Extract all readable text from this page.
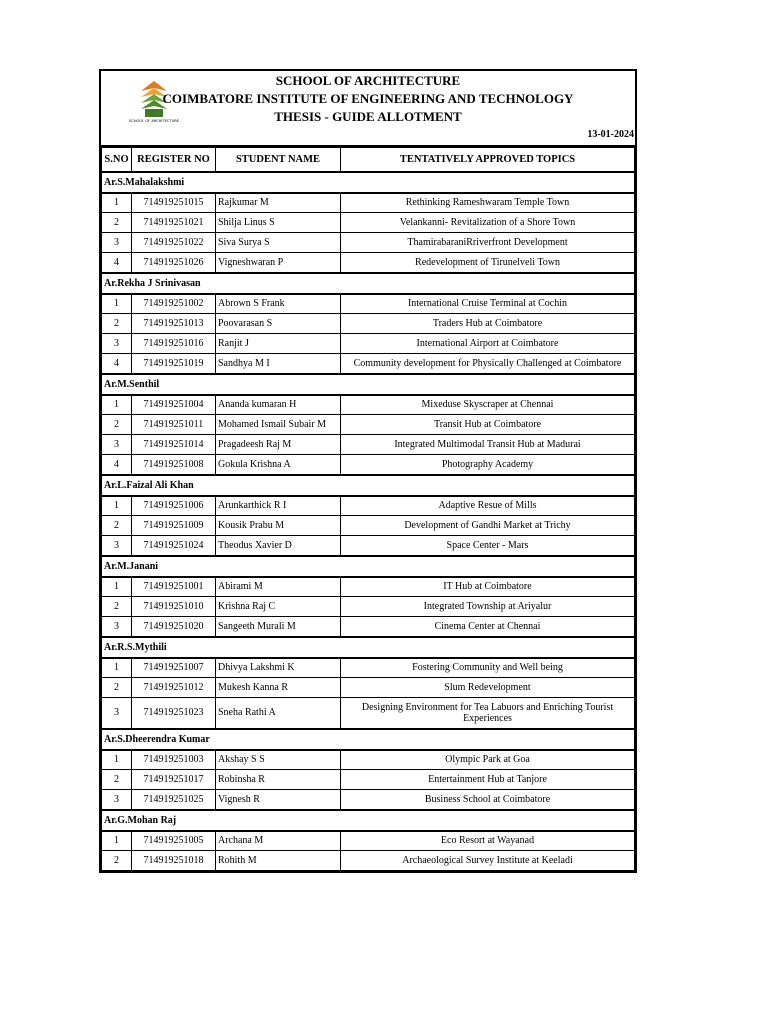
SCHOOL OF ARCHITECTURE
SCHOOL OF ARCHITECTURE
COIMBATORE INSTITUTE OF ENGINEERING AND TECHNOLOGY
THESIS - GUIDE ALLOTMENT
13-01-2024
S.NO	REGISTER NO	STUDENT NAME	TENTATIVELY APPROVED TOPICS
Ar.S.Mahalakshmi			
1	714919251015	Rajkumar M	Rethinking Rameshwaram Temple Town
2	714919251021	Shilja Linus S	Velankanni- Revitalization of a Shore Town
3	714919251022	Siva Surya S	ThamirabaraniRriverfront Development
4	714919251026	Vigneshwaran P	Redevelopment of Tirunelveli Town
Ar.Rekha J Srinivasan			
1	714919251002	Abrown S Frank	International Cruise Terminal at Cochin
2	714919251013	Poovarasan S	Traders Hub at Coimbatore
3	714919251016	Ranjit J	International Airport at Coimbatore
4	714919251019	Sandhya M I	Community development for Physically Challenged at Coimbatore
Ar.M.Senthil			
1	714919251004	Ananda kumaran H	Mixeduse Skyscraper at Chennai
2	714919251011	Mohamed Ismail Subair M	Transit Hub at Coimbatore
3	714919251014	Pragadeesh Raj M	Integrated Multimodal Transit Hub at Madurai
4	714919251008	Gokula Krishna A	Photography Academy
Ar.L.Faizal Ali Khan			
1	714919251006	Arunkarthick R I	Adaptive Resue of Mills
2	714919251009	Kousik Prabu M	Development of Gandhi Market at Trichy
3	714919251024	Theodus Xavier D	Space Center - Mars
Ar.M.Janani			
1	714919251001	Abirami M	IT Hub at Coimbatore
2	714919251010	Krishna Raj C	Integrated Township at Ariyalur
3	714919251020	Sangeeth Murali M	Cinema Center at Chennai
Ar.R.S.Mythili			
1	714919251007	Dhivya Lakshmi K	Fostering Community and Well being
2	714919251012	Mukesh Kanna R	Slum Redevelopment
3	714919251023	Sneha Rathi A	Designing Environment for Tea Labuors and Enriching Tourist Experiences
Ar.S.Dheerendra Kumar			
1	714919251003	Akshay S S	Olympic Park at Goa
2	714919251017	Robinsha R	Entertainment Hub at Tanjore
3	714919251025	Vignesh R	Business School at Coimbatore
Ar.G.Mohan Raj			
1	714919251005	Archana M	Eco Resort at Wayanad
2	714919251018	Rohith M	Archaeological Survey Institute at Keeladi
